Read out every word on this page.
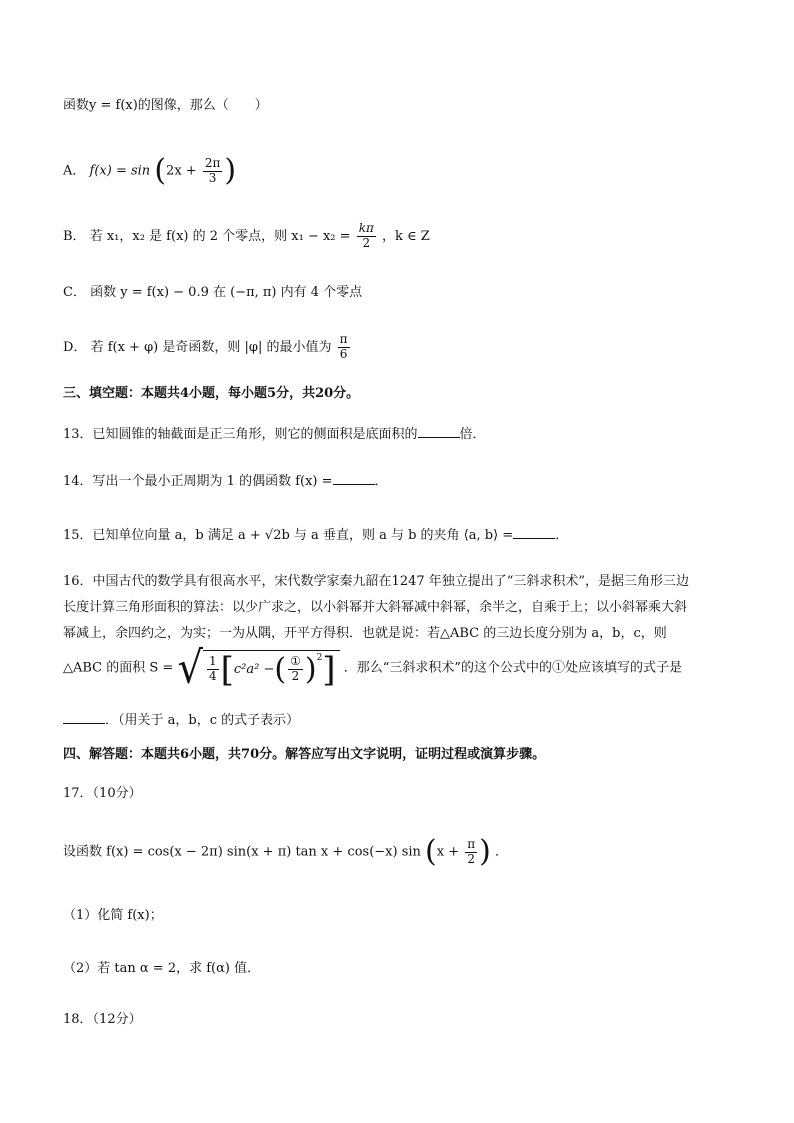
函数y = f(x)的图像，那么（　　）
A． $f(x) = \sin (2x + \frac{2\pi}{3}$ )
B． 若 x₁，x₂ 是 f(x) 的 2 个零点，则 $x_1 - x_2 = \frac{k\pi}{2}$ ，k ∈ Z
C． 函数 y = f(x) − 0.9 在 (−π, π) 内有 4 个零点
D． 若 f(x + φ) 是奇函数，则 |φ| 的最小值为 $\frac{\pi}{6}$
三、填空题：本题共4小题，每小题5分，共20分。
13．已知圆锥的轴截面是正三角形，则它的侧面积是底面积的	倍．
14．写出一个最小正周期为 1 的偶函数 f(x) =	．
15．已知单位向量 a，b 满足 a + √2b 与 a 垂直，则 a 与 b 的夹角 ⟨a, b⟩ =	．
16．中国古代的数学具有很高水平，宋代数学家秦九韶在1247 年独立提出了“三斜求积术”，是据三角形三边
长度计算三角形面积的算法：以少广求之，以小斜幂并大斜幂减中斜幂，余半之，自乘于上；以小斜幂乘大斜
幂减上，余四约之，为实；一为从隅，开平方得积．也就是说：若△ABC 的三边长度分别为 a，b，c，则
△ABC 的面积 S = √ $\frac{1}{4}$ [ c²a² − ( $\frac{\text{①}}{2} )^2$ ] ．那么“三斜求积术”的这个公式中的①处应该填写的式子是
．（用关于 a，b，c 的式子表示）
四、解答题：本题共6小题，共70分。解答应写出文字说明，证明过程或演算步骤。
17．（10分）
设函数 f(x) = cos(x − 2π) sin(x + π) tan x + cos(−x) $\sin (x + \frac{\pi}{2}$ ) ．
（1）化简 f(x)；
（2）若 tan α = 2，求 f(α) 值．
18．（12分）
